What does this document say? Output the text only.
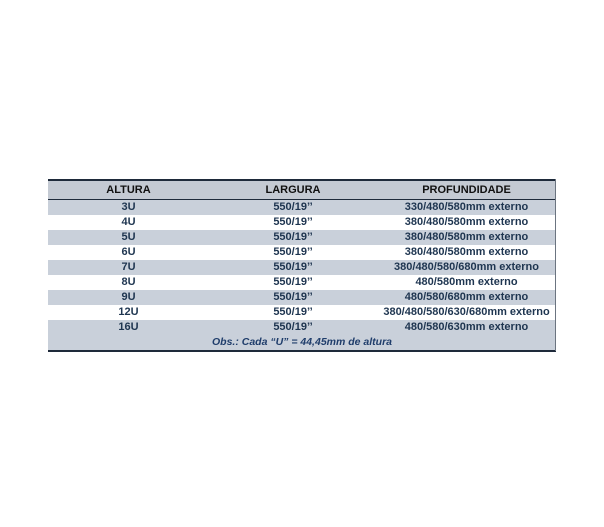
ALTURA	LARGURA	PROFUNDIDADE
3U	550/19’’	330/480/580mm externo
4U	550/19’’	380/480/580mm externo
5U	550/19’’	380/480/580mm externo
6U	550/19’’	380/480/580mm externo
7U	550/19’’	380/480/580/680mm externo
8U	550/19’’	480/580mm externo
9U	550/19’’	480/580/680mm externo
12U	550/19’’	380/480/580/630/680mm externo
16U	550/19’’	480/580/630mm externo
Obs.: Cada “U” = 44,45mm de altura		
